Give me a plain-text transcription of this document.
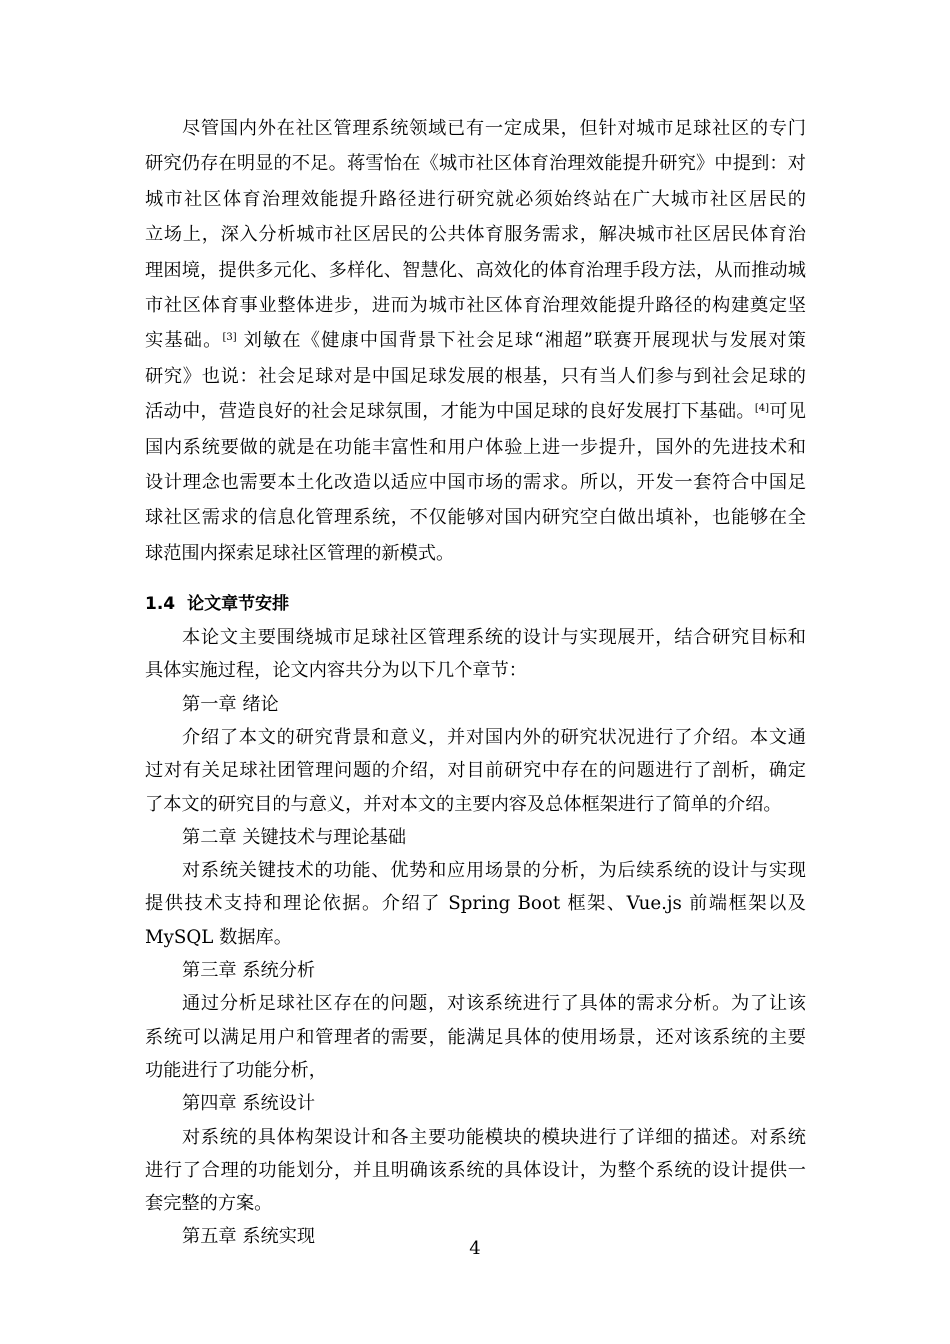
尽管国内外在社区管理系统领域已有一定成果，但针对城市足球社区的专门
研究仍存在明显的不足。蒋雪怡在《城市社区体育治理效能提升研究》中提到：对
城市社区体育治理效能提升路径进行研究就必须始终站在广大城市社区居民的
立场上，深入分析城市社区居民的公共体育服务需求，解决城市社区居民体育治
理困境，提供多元化、多样化、智慧化、高效化的体育治理手段方法，从而推动城
市社区体育事业整体进步，进而为城市社区体育治理效能提升路径的构建奠定坚
实基础。[3] 刘敏在《健康中国背景下社会足球“湘超”联赛开展现状与发展对策
研究》也说：社会足球对是中国足球发展的根基，只有当人们参与到社会足球的
活动中，营造良好的社会足球氛围，才能为中国足球的良好发展打下基础。[4]可见
国内系统要做的就是在功能丰富性和用户体验上进一步提升，国外的先进技术和
设计理念也需要本土化改造以适应中国市场的需求。所以，开发一套符合中国足
球社区需求的信息化管理系统，不仅能够对国内研究空白做出填补，也能够在全
球范围内探索足球社区管理的新模式。
1.4 论文章节安排
本论文主要围绕城市足球社区管理系统的设计与实现展开，结合研究目标和
具体实施过程，论文内容共分为以下几个章节：
第一章 绪论
介绍了本文的研究背景和意义，并对国内外的研究状况进行了介绍。本文通
过对有关足球社团管理问题的介绍，对目前研究中存在的问题进行了剖析，确定
了本文的研究目的与意义，并对本文的主要内容及总体框架进行了简单的介绍。
第二章 关键技术与理论基础
对系统关键技术的功能、优势和应用场景的分析，为后续系统的设计与实现
提供技术支持和理论依据。介绍了 Spring Boot 框架、Vue.js 前端框架以及
MySQL 数据库。
第三章 系统分析
通过分析足球社区存在的问题，对该系统进行了具体的需求分析。为了让该
系统可以满足用户和管理者的需要，能满足具体的使用场景，还对该系统的主要
功能进行了功能分析，
第四章 系统设计
对系统的具体构架设计和各主要功能模块的模块进行了详细的描述。对系统
进行了合理的功能划分，并且明确该系统的具体设计，为整个系统的设计提供一
套完整的方案。
第五章 系统实现
4
